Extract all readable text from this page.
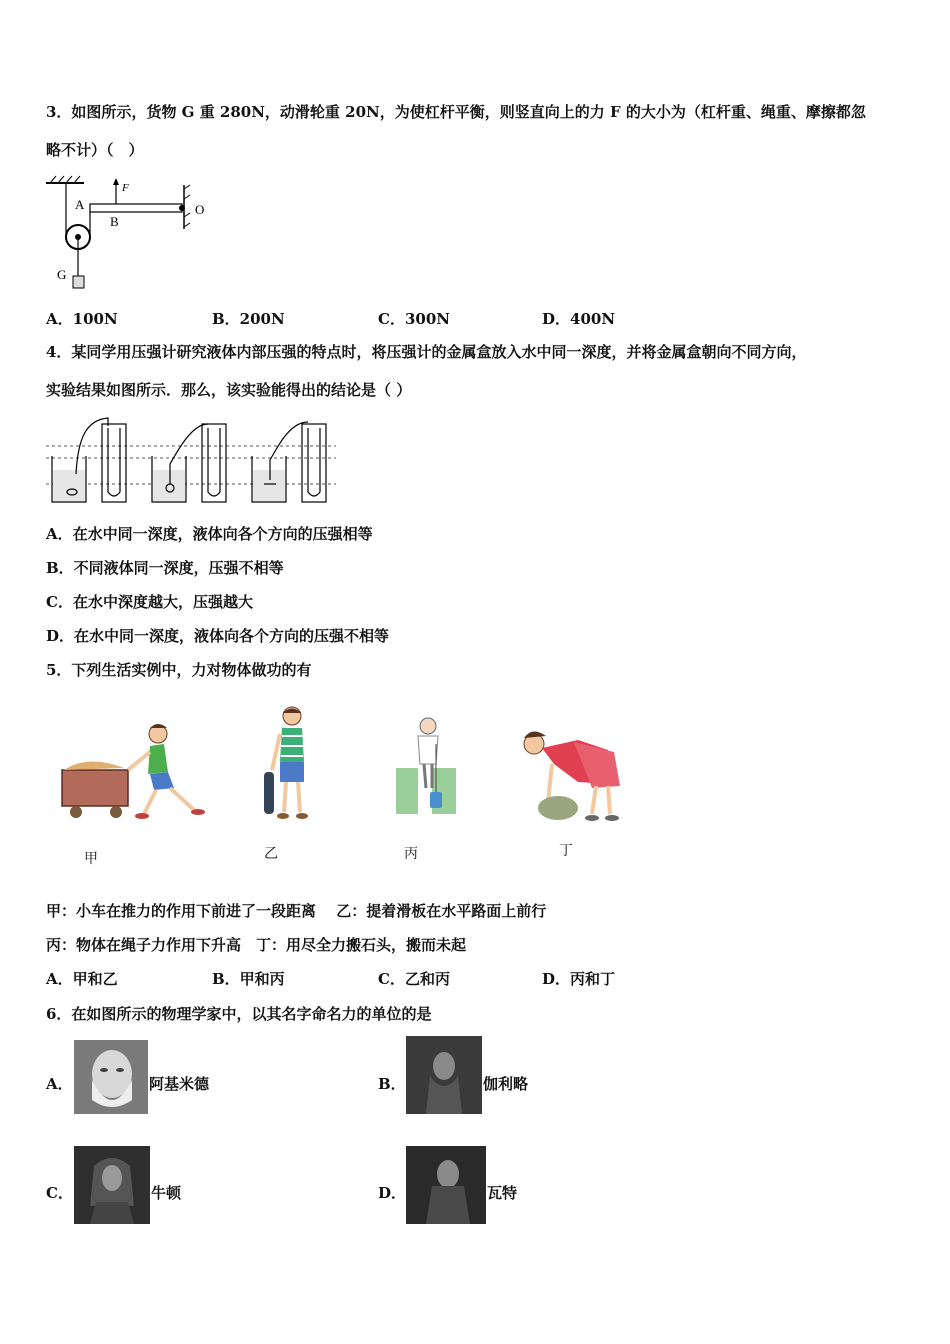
3．如图所示，货物 G 重 280N，动滑轮重 20N，为使杠杆平衡，则竖直向上的力 F 的大小为（杠杆重、绳重、摩擦都忽
略不计）（　）
A
B
F
O
G
A．100N	B．200N	C．300N	D．400N
4．某同学用压强计研究液体内部压强的特点时，将压强计的金属盒放入水中同一深度，并将金属盒朝向不同方向，
实验结果如图所示．那么，该实验能得出的结论是（ ）
A．在水中同一深度，液体向各个方向的压强相等
B．不同液体同一深度，压强不相等
C．在水中深度越大，压强越大
D．在水中同一深度，液体向各个方向的压强不相等
5．下列生活实例中，力对物体做功的有
甲	乙	丙	丁
甲：小车在推力的作用下前进了一段距离　 乙：提着滑板在水平路面上前行
丙：物体在绳子力作用下升高　丁：用尽全力搬石头，搬而未起
A．甲和乙	B．甲和丙	C．乙和丙	D．丙和丁
6．在如图所示的物理学家中，以其名字命名力的单位的是
A．	阿基米德	B．	伽利略
C．	牛顿	D．	瓦特
